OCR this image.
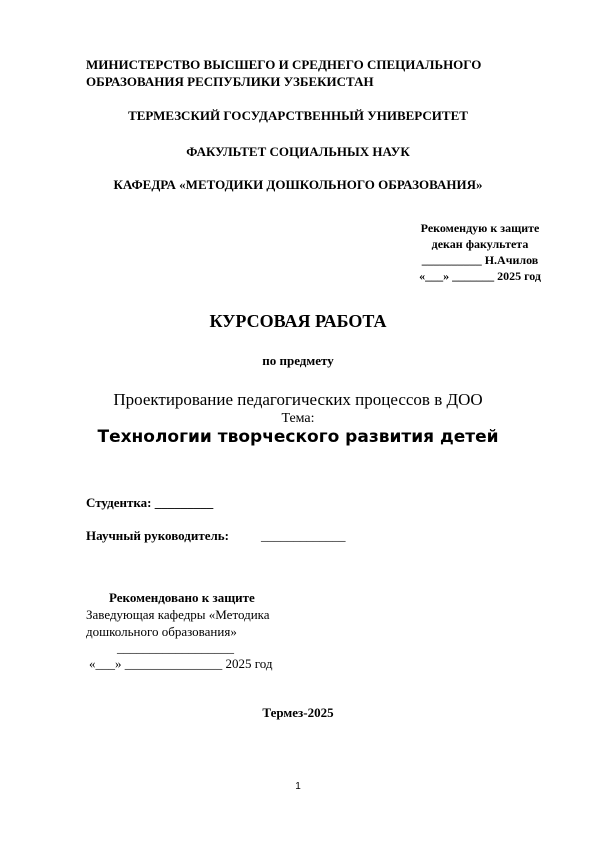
МИНИСТЕРСТВО ВЫСШЕГО И СРЕДНЕГО СПЕЦИАЛЬНОГО
ОБРАЗОВАНИЯ РЕСПУБЛИКИ УЗБЕКИСТАН
ТЕРМЕЗСКИЙ ГОСУДАРСТВЕННЫЙ УНИВЕРСИТЕТ
ФАКУЛЬТЕТ СОЦИАЛЬНЫХ НАУК
КАФЕДРА «МЕТОДИКИ ДОШКОЛЬНОГО ОБРАЗОВАНИЯ»
Рекомендую к защите
декан факультета
__________ Н.Ачилов
«___» _______ 2025 год
КУРСОВАЯ РАБОТА
по предмету
Проектирование педагогических процессов в ДОО
Тема:
Технологии творческого развития детей
Студентка: _________
Научный руководитель: _____________
Рекомендовано к защите
Заведующая кафедры «Методика
дошкольного образования»
__________________
«___» _______________ 2025 год
Термез-2025
1
